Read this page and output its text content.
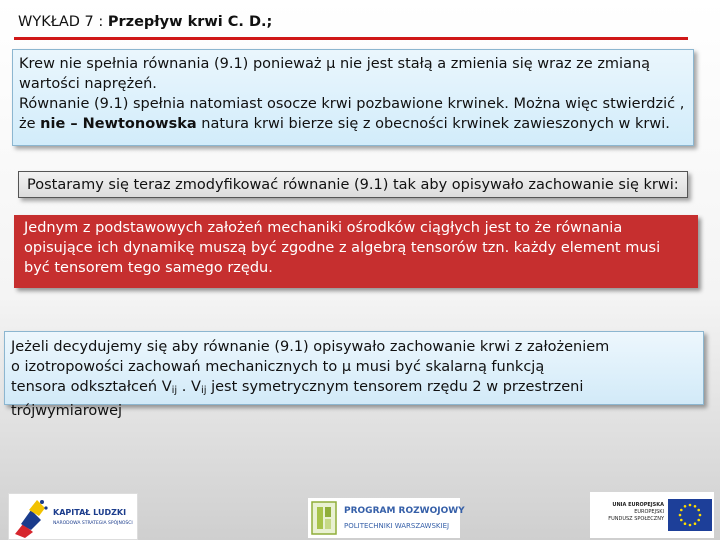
WYKŁAD 7 : Przepływ krwi C. D.;

Krew nie spełnia równania (9.1) ponieważ μ nie jest stałą a zmienia się wraz ze zmianą wartości naprężeń.

Równanie (9.1) spełnia natomiast osocze krwi pozbawione krwinek. Można więc stwierdzić , że nie – Newtonowska natura krwi bierze się z obecności krwinek zawieszonych w krwi.

Postaramy się teraz zmodyfikować równanie (9.1) tak aby opisywało zachowanie się krwi:
Jednym z podstawowych założeń mechaniki ośrodków ciągłych jest to że równania opisujące ich dynamikę muszą być zgodne z algebrą tensorów tzn. każdy element musi być tensorem tego samego rzędu.

Jeżeli decydujemy się aby równanie (9.1) opisywało zachowanie krwi z założeniem

o izotropowości zachowań mechanicznych to μ musi być skalarną funkcją

tensora odkształceń $V_{ij}$ . $V_{ij}$ jest symetrycznym tensorem rzędu 2 w przestrzeni trójwymiarowej

KAPITAŁ LUDZKI
NARODOWA STRATEGIA SPÓJNOŚCI
PROGRAM ROZWOJOWY
POLITECHNIKI WARSZAWSKIEJ
UNIA EUROPEJSKA
EUROPEJSKI
FUNDUSZ SPOŁECZNY
